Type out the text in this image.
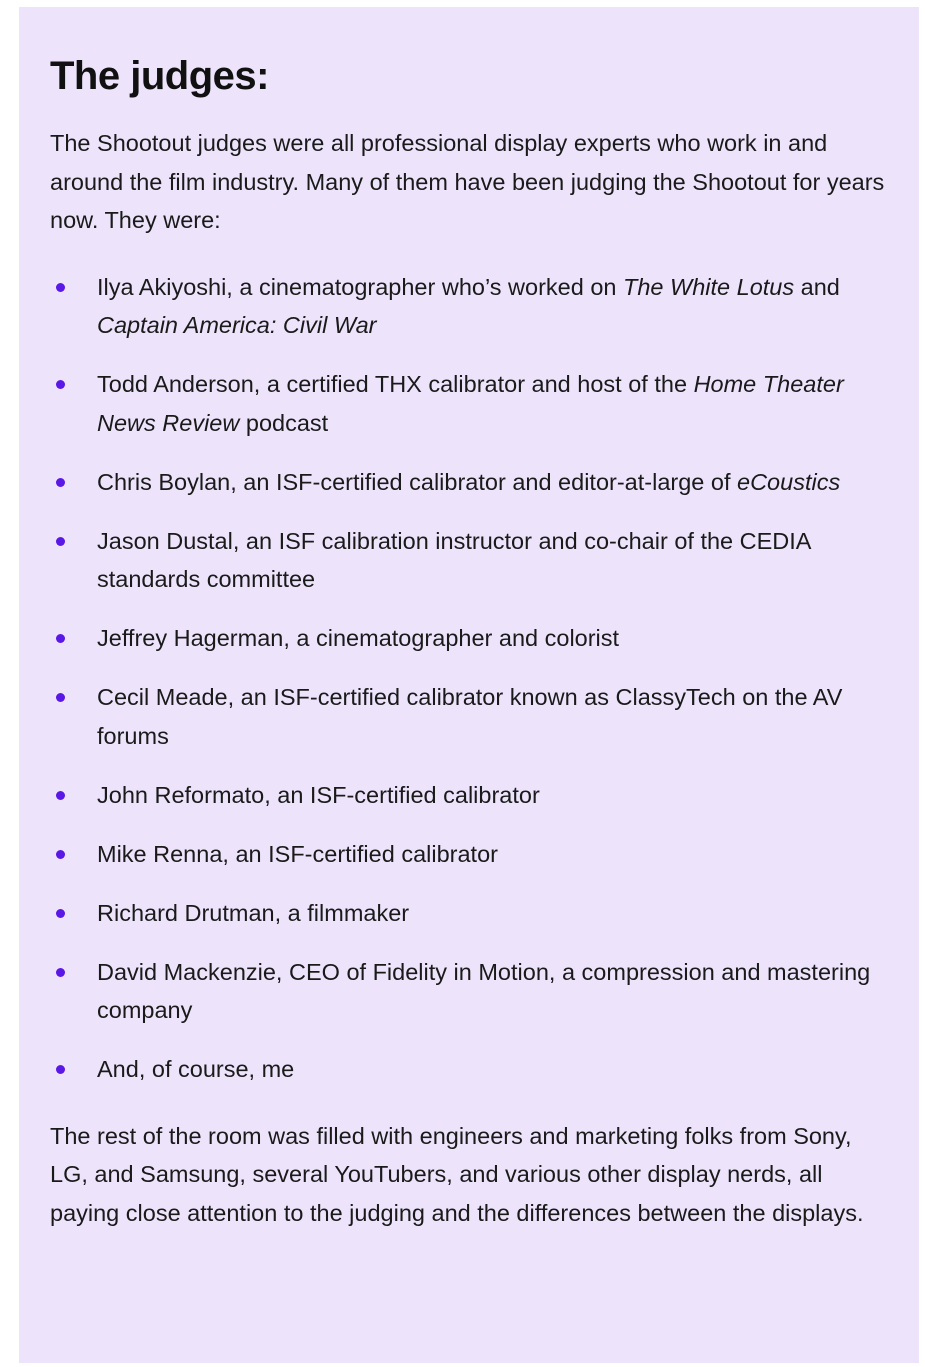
The judges:

The Shootout judges were all professional display experts who work in and around the film industry. Many of them have been judging the Shootout for years now. They were:

Ilya Akiyoshi, a cinematographer who’s worked on The White Lotus and Captain America: Civil War
Todd Anderson, a certified THX calibrator and host of the Home Theater News Review podcast
Chris Boylan, an ISF-certified calibrator and editor-at-large of eCoustics
Jason Dustal, an ISF calibration instructor and co-chair of the CEDIA standards committee
Jeffrey Hagerman, a cinematographer and colorist
Cecil Meade, an ISF-certified calibrator known as ClassyTech on the AV forums
John Reformato, an ISF-certified calibrator
Mike Renna, an ISF-certified calibrator
Richard Drutman, a filmmaker
David Mackenzie, CEO of Fidelity in Motion, a compression and mastering company
And, of course, me

The rest of the room was filled with engineers and marketing folks from Sony, LG, and Samsung, several YouTubers, and various other display nerds, all paying close attention to the judging and the differences between the displays.
